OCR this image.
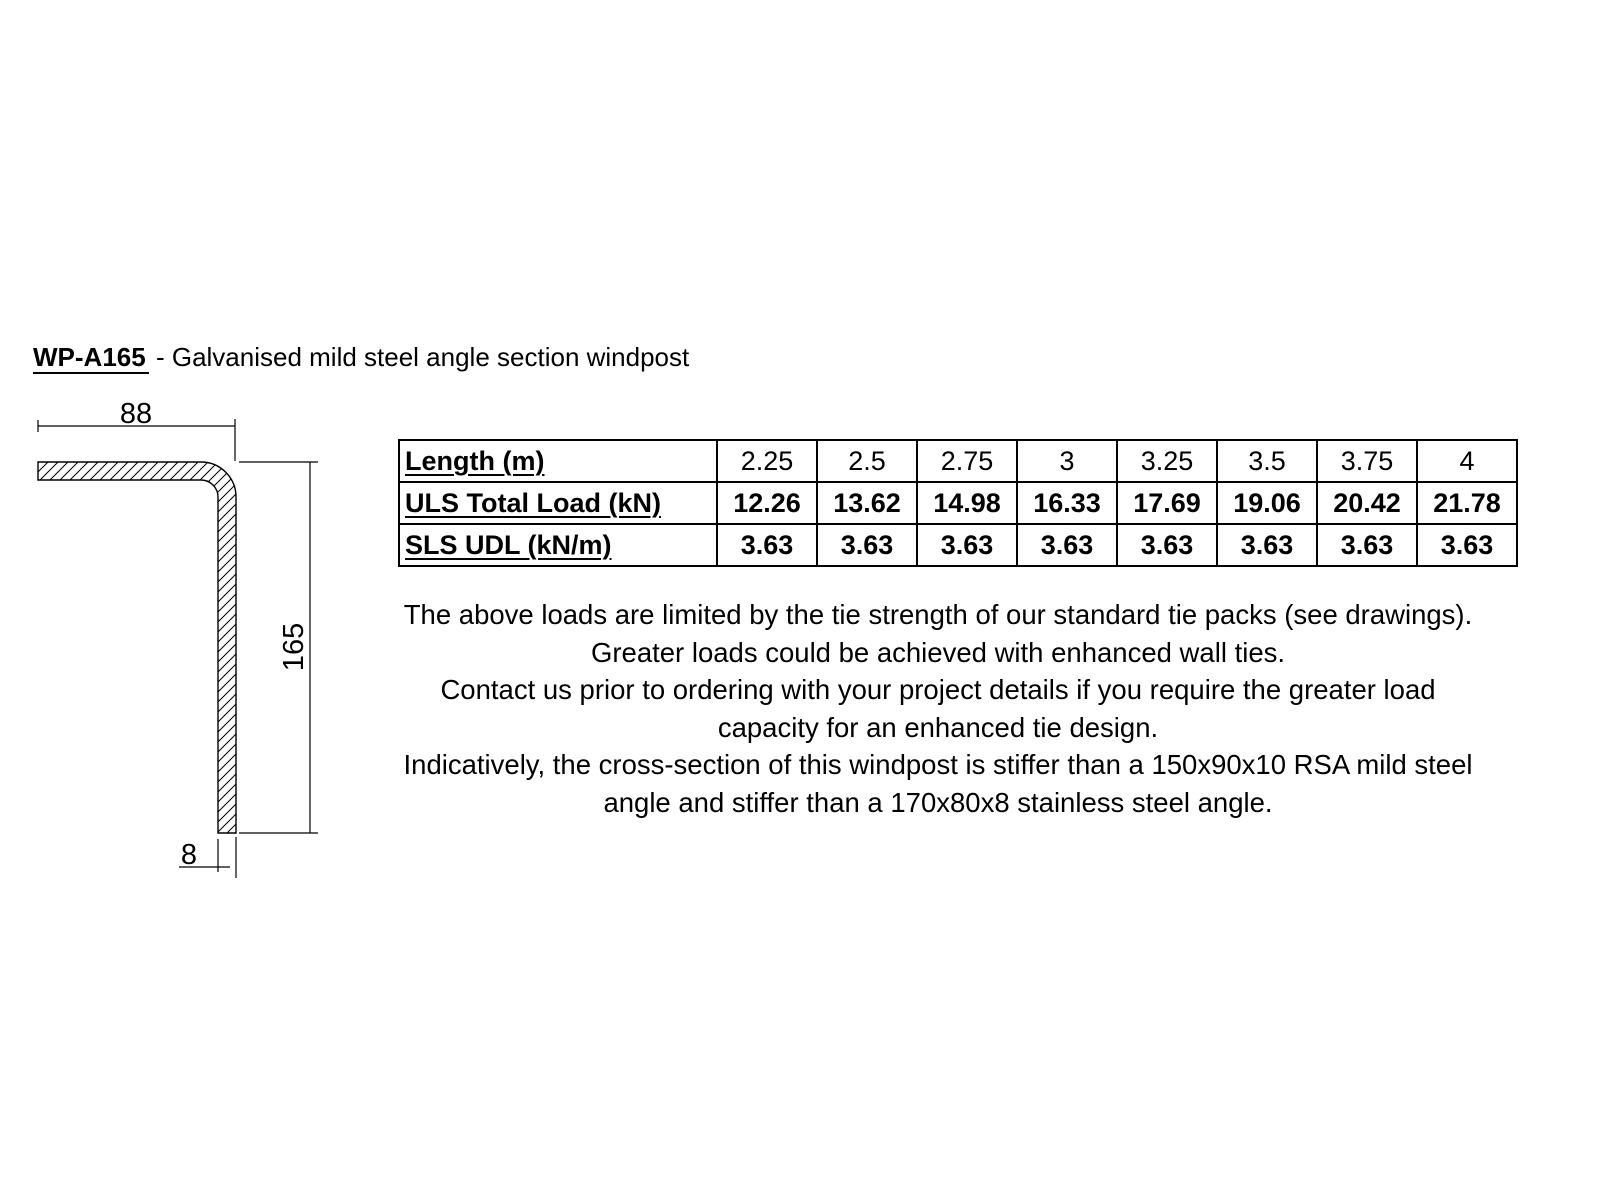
WP-A165 - Galvanised mild steel angle section windpost
88
165
8
Length (m)	2.25	2.5	2.75	3	3.25	3.5	3.75	4
ULS Total Load (kN)	12.26	13.62	14.98	16.33	17.69	19.06	20.42	21.78
SLS UDL (kN/m)	3.63	3.63	3.63	3.63	3.63	3.63	3.63	3.63
The above loads are limited by the tie strength of our standard tie packs (see drawings).
Greater loads could be achieved with enhanced wall ties.
Contact us prior to ordering with your project details if you require the greater load
capacity for an enhanced tie design.
Indicatively, the cross-section of this windpost is stiffer than a 150x90x10 RSA mild steel
angle and stiffer than a 170x80x8 stainless steel angle.
